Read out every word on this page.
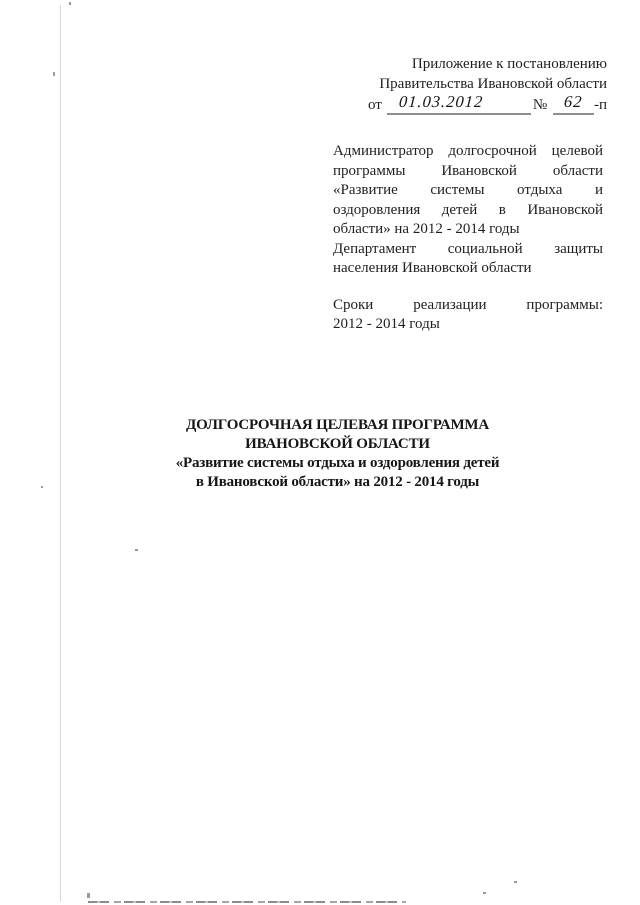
Приложение к постановлению
Правительства Ивановской области
от 01.03.2012	№ 62 -п
Администратор долгосрочной целевой
программы Ивановской области
«Развитие системы отдыха и
оздоровления детей в Ивановской
области» на 2012 - 2014 годы
Департамент социальной защиты
населения Ивановской области
Сроки реализации программы:
2012 - 2014 годы
ДОЛГОСРОЧНАЯ ЦЕЛЕВАЯ ПРОГРАММА
ИВАНОВСКОЙ ОБЛАСТИ
«Развитие системы отдыха и оздоровления детей
в Ивановской области» на 2012 - 2014 годы
